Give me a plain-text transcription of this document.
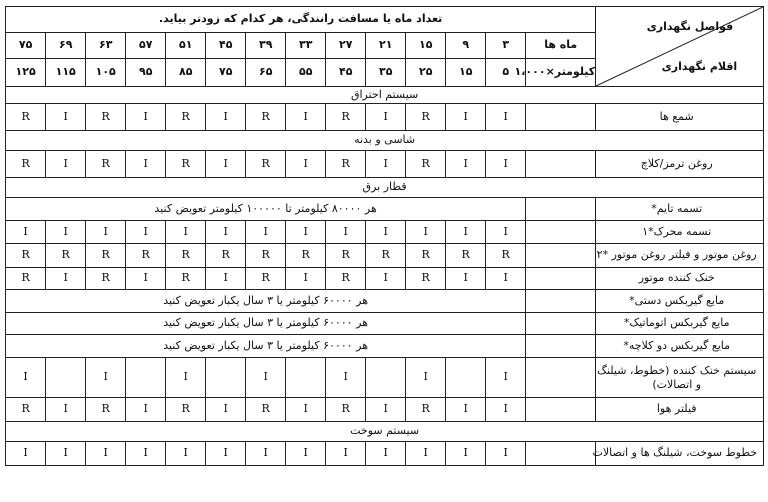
فواصل نگهداری
اقلام نگهداری	تعداد ماه یا مسافت رانندگی، هر کدام که زودتر بیاید.													
	ماه ها	۳	۹	۱۵	۲۱	۲۷	۳۳	۳۹	۴۵	۵۱	۵۷	۶۳	۶۹	۷۵
	کیلومتر×۱،۰۰۰	۵	۱۵	۲۵	۳۵	۴۵	۵۵	۶۵	۷۵	۸۵	۹۵	۱۰۵	۱۱۵	۱۲۵
سیستم احتراق														
شمع ها		I	I	R	I	R	I	R	I	R	I	R	I	R
شاسی و بدنه														
روغن ترمز/کلاچ		I	I	R	I	R	I	R	I	R	I	R	I	R
قطار برق														
تسمه تایم*		هر ۸۰۰۰۰ کیلومتر تا ۱۰۰۰۰۰ کیلومتر تعویض کنید												
تسمه محرک*۱		I	I	I	I	I	I	I	I	I	I	I	I	I
روغن موتور و فیلتر روغن موتور *۲		R	R	R	R	R	R	R	R	R	R	R	R	R
خنک کننده موتور		I	I	R	I	R	I	R	I	R	I	R	I	R
مایع گیربکس دستی*		هر ۶۰۰۰۰ کیلومتر یا ۳ سال یکبار تعویض کنید												
مایع گیربکس اتوماتیک*		هر ۶۰۰۰۰ کیلومتر یا ۳ سال یکبار تعویض کنید												
مایع گیربکس دو کلاچه*		هر ۶۰۰۰۰ کیلومتر یا ۳ سال یکبار تعویض کنید												
سیستم خنک کننده (خطوط، شیلنگ و اتصالات)		I		I		I		I		I		I		I
فیلتر هوا		I	I	R	I	R	I	R	I	R	I	R	I	R
سیستم سوخت														
خطوط سوخت، شیلنگ ها و اتصالات		I	I	I	I	I	I	I	I	I	I	I	I	I
